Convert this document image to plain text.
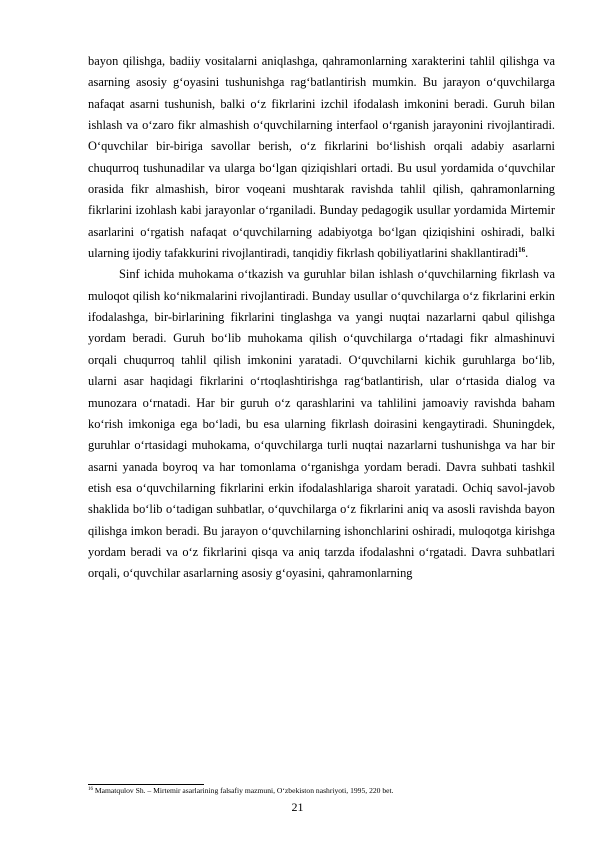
bayon qilishga, badiiy vositalarni aniqlashga, qahramonlarning xarakterini tahlil qilishga va asarning asosiy g‘oyasini tushunishga rag‘batlantirish mumkin. Bu jarayon o‘quvchilarga nafaqat asarni tushunish, balki o‘z fikrlarini izchil ifodalash imkonini beradi. Guruh bilan ishlash va o‘zaro fikr almashish o‘quvchilarning interfaol o‘rganish jarayonini rivojlantiradi. O‘quvchilar bir-biriga savollar berish, o‘z fikrlarini bo‘lishish orqali adabiy asarlarni chuqurroq tushunadilar va ularga bo‘lgan qiziqishlari ortadi. Bu usul yordamida o‘quvchilar orasida fikr almashish, biror voqeani mushtarak ravishda tahlil qilish, qahramonlarning fikrlarini izohlash kabi jarayonlar o‘rganiladi. Bunday pedagogik usullar yordamida Mirtemir asarlarini o‘rgatish nafaqat o‘quvchilarning adabiyotga bo‘lgan qiziqishini oshiradi, balki ularning ijodiy tafakkurini rivojlantiradi, tanqidiy fikrlash qobiliyatlarini shakllantiradi$^{16}$.

Sinf ichida muhokama o‘tkazish va guruhlar bilan ishlash o‘quvchilarning fikrlash va muloqot qilish ko‘nikmalarini rivojlantiradi. Bunday usullar o‘quvchilarga o‘z fikrlarini erkin ifodalashga, bir-birlarining fikrlarini tinglashga va yangi nuqtai nazarlarni qabul qilishga yordam beradi. Guruh bo‘lib muhokama qilish o‘quvchilarga o‘rtadagi fikr almashinuvi orqali chuqurroq tahlil qilish imkonini yaratadi. O‘quvchilarni kichik guruhlarga bo‘lib, ularni asar haqidagi fikrlarini o‘rtoqlashtirishga rag‘batlantirish, ular o‘rtasida dialog va munozara o‘rnatadi. Har bir guruh o‘z qarashlarini va tahlilini jamoaviy ravishda baham ko‘rish imkoniga ega bo‘ladi, bu esa ularning fikrlash doirasini kengaytiradi. Shuningdek, guruhlar o‘rtasidagi muhokama, o‘quvchilarga turli nuqtai nazarlarni tushunishga va har bir asarni yanada boyroq va har tomonlama o‘rganishga yordam beradi. Davra suhbati tashkil etish esa o‘quvchilarning fikrlarini erkin ifodalashlariga sharoit yaratadi. Ochiq savol-javob shaklida bo‘lib o‘tadigan suhbatlar, o‘quvchilarga o‘z fikrlarini aniq va asosli ravishda bayon qilishga imkon beradi. Bu jarayon o‘quvchilarning ishonchlarini oshiradi, muloqotga kirishga yordam beradi va o‘z fikrlarini qisqa va aniq tarzda ifodalashni o‘rgatadi. Davra suhbatlari orqali, o‘quvchilar asarlarning asosiy g‘oyasini, qahramonlarning

$^{16}$ Mamatqulov Sh. – Mirtemir asarlarining falsafiy mazmuni, O‘zbekiston nashriyoti, 1995, 220 bet.
21
